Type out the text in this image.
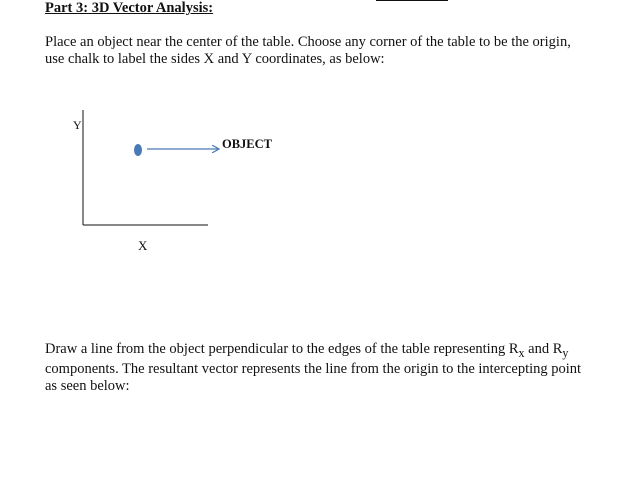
Part 3: 3D Vector Analysis:
Place an object near the center of the table. Choose any corner of the table to be the origin, use chalk to label the sides X and Y coordinates, as below:
Y
X
OBJECT
Draw a line from the object perpendicular to the edges of the table representing $R_x$ and $R_y$ components. The resultant vector represents the line from the origin to the intercepting point as seen below:
